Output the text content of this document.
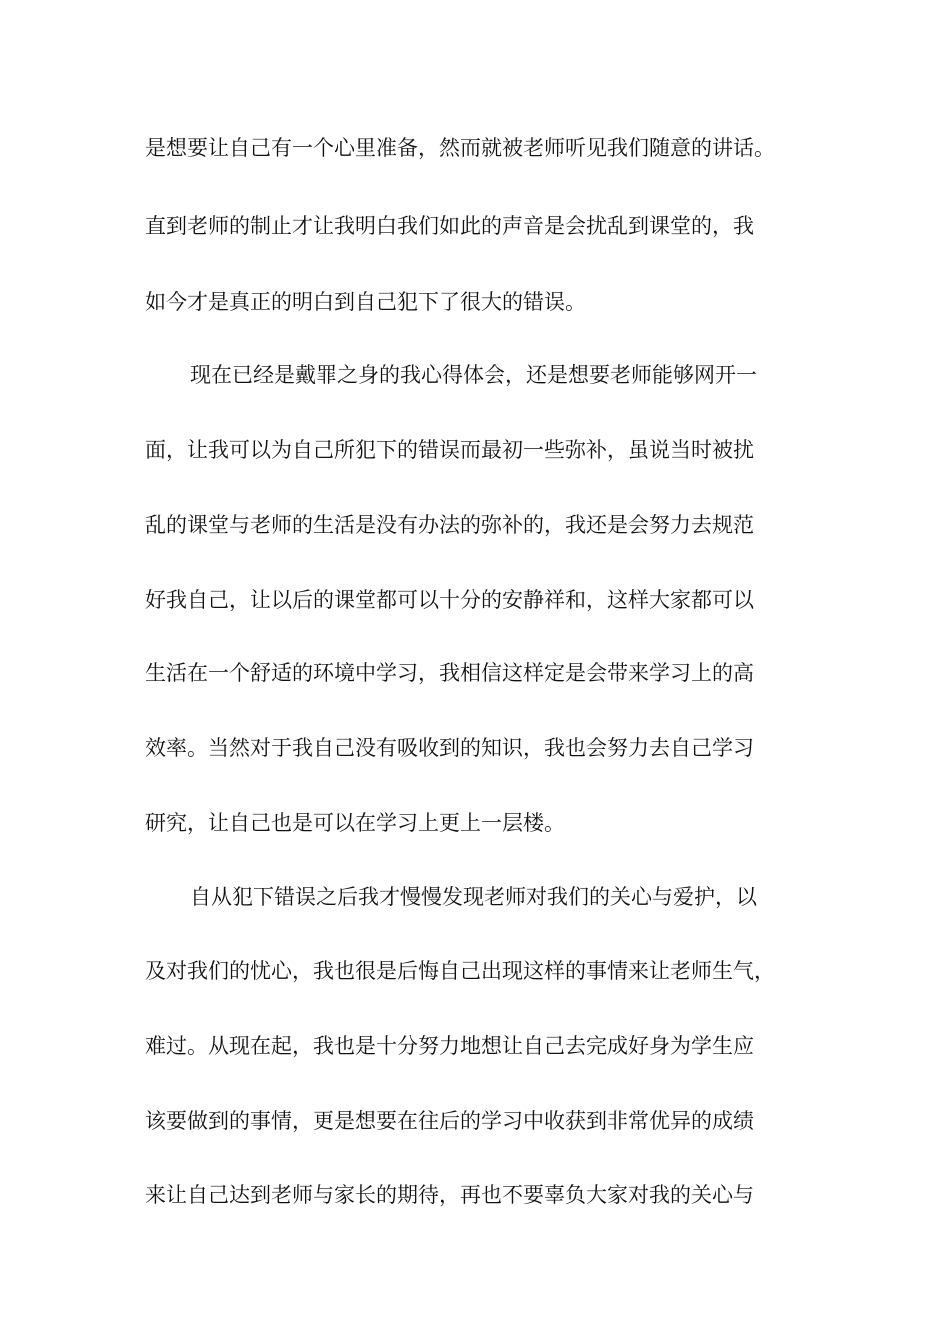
是想要让自己有一个心里准备，然而就被老师听见我们随意的讲话。
直到老师的制止才让我明白我们如此的声音是会扰乱到课堂的，我
如今才是真正的明白到自己犯下了很大的错误。
现在已经是戴罪之身的我心得体会，还是想要老师能够网开一
面，让我可以为自己所犯下的错误而最初一些弥补，虽说当时被扰
乱的课堂与老师的生活是没有办法的弥补的，我还是会努力去规范
好我自己，让以后的课堂都可以十分的安静祥和，这样大家都可以
生活在一个舒适的环境中学习，我相信这样定是会带来学习上的高
效率。当然对于我自己没有吸收到的知识，我也会努力去自己学习
研究，让自己也是可以在学习上更上一层楼。
自从犯下错误之后我才慢慢发现老师对我们的关心与爱护，以
及对我们的忧心，我也很是后悔自己出现这样的事情来让老师生气，
难过。从现在起，我也是十分努力地想让自己去完成好身为学生应
该要做到的事情，更是想要在往后的学习中收获到非常优异的成绩
来让自己达到老师与家长的期待，再也不要辜负大家对我的关心与
